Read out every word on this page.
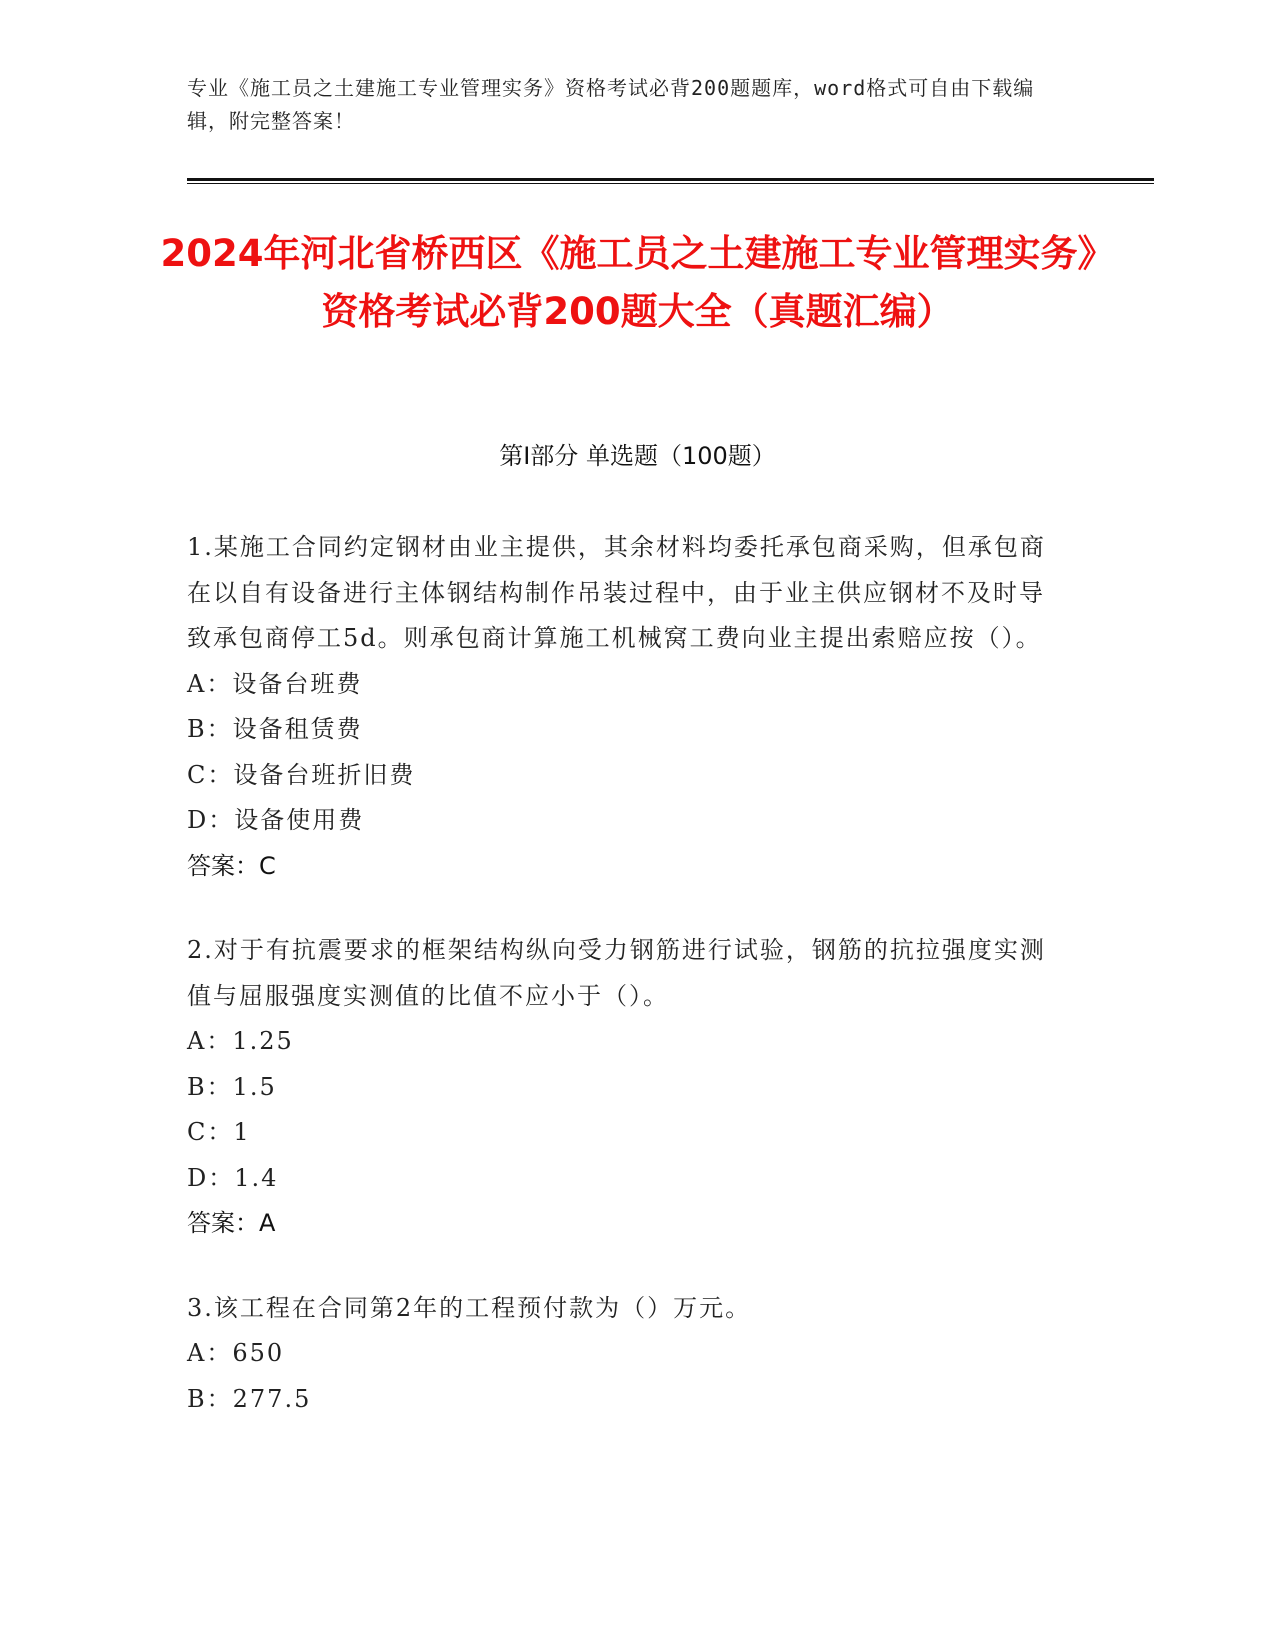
专业《施工员之土建施工专业管理实务》资格考试必背200题题库，word格式可自由下载编辑，附完整答案！
2024年河北省桥西区《施工员之土建施工专业管理实务》资格考试必背200题大全（真题汇编）
第I部分 单选题（100题）
1.某施工合同约定钢材由业主提供，其余材料均委托承包商采购，但承包商在以自有设备进行主体钢结构制作吊装过程中，由于业主供应钢材不及时导致承包商停工5d。则承包商计算施工机械窝工费向业主提出索赔应按（）。
A：设备台班费
B：设备租赁费
C：设备台班折旧费
D：设备使用费
答案：C
2.对于有抗震要求的框架结构纵向受力钢筋进行试验，钢筋的抗拉强度实测值与屈服强度实测值的比值不应小于（）。
A：1.25
B：1.5
C：1
D：1.4
答案：A
3.该工程在合同第2年的工程预付款为（）万元。
A：650
B：277.5
